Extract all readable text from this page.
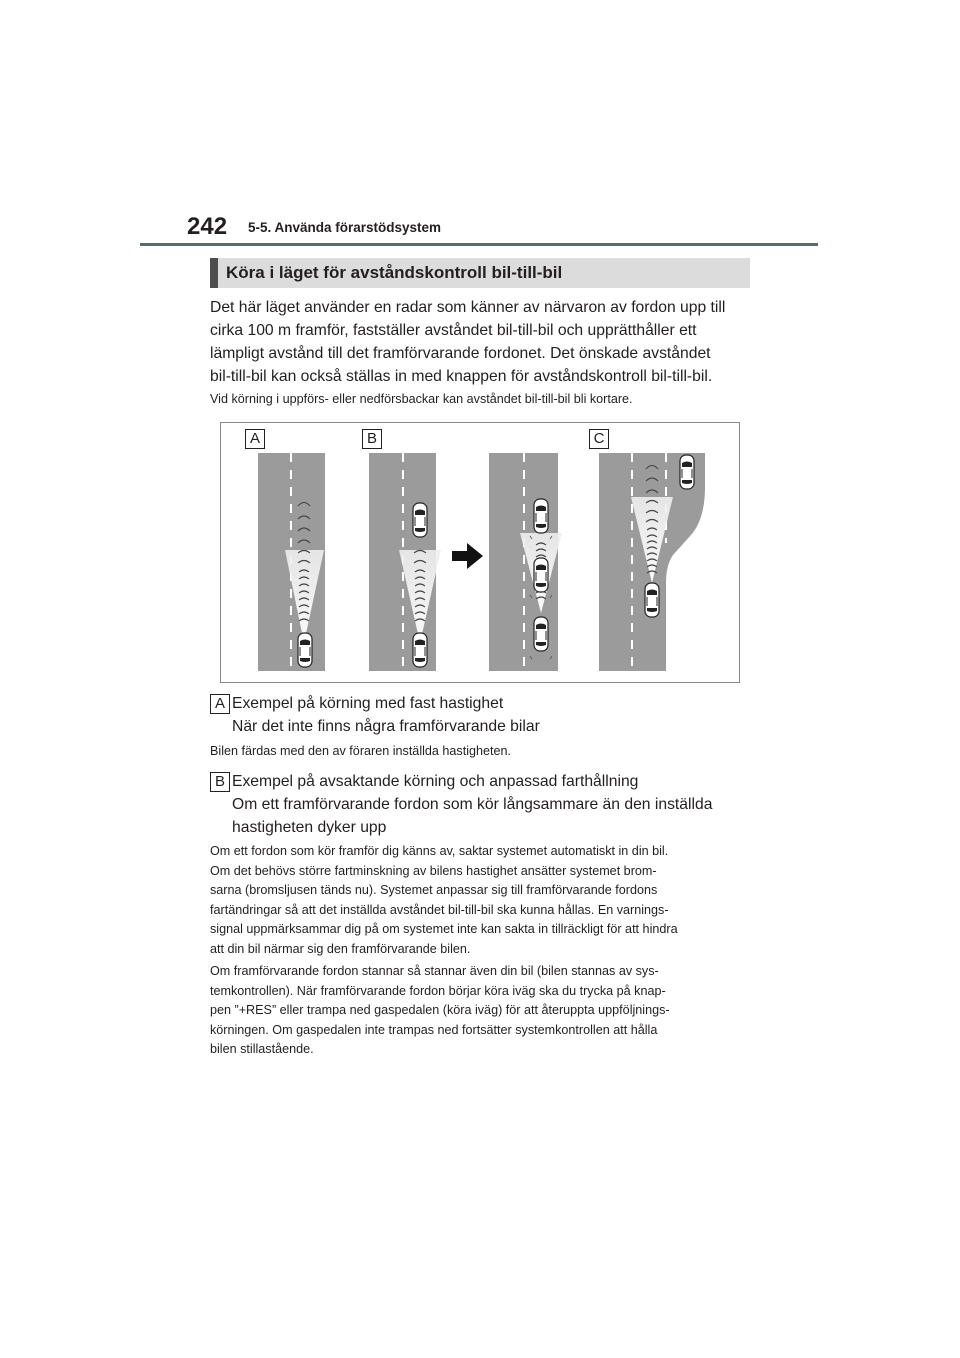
242 5-5. Använda förarstödsystem
Köra i läget för avståndskontroll bil-till-bil
Det här läget använder en radar som känner av närvaron av fordon upp till
cirka 100 m framför, fastställer avståndet bil-till-bil och upprätthåller ett
lämpligt avstånd till det framförvarande fordonet. Det önskade avståndet
bil-till-bil kan också ställas in med knappen för avståndskontroll bil-till-bil.
Vid körning i uppförs- eller nedförsbackar kan avståndet bil-till-bil bli kortare.
A	B	C
A Exempel på körning med fast hastighet
När det inte finns några framförvarande bilar
Bilen färdas med den av föraren inställda hastigheten.
B Exempel på avsaktande körning och anpassad farthållning
Om ett framförvarande fordon som kör långsammare än den inställda
hastigheten dyker upp
Om ett fordon som kör framför dig känns av, saktar systemet automatiskt in din bil.
Om det behövs större fartminskning av bilens hastighet ansätter systemet brom-
sarna (bromsljusen tänds nu). Systemet anpassar sig till framförvarande fordons
fartändringar så att det inställda avståndet bil-till-bil ska kunna hållas. En varnings-
signal uppmärksammar dig på om systemet inte kan sakta in tillräckligt för att hindra
att din bil närmar sig den framförvarande bilen.
Om framförvarande fordon stannar så stannar även din bil (bilen stannas av sys-
temkontrollen). När framförvarande fordon börjar köra iväg ska du trycka på knap-
pen ”+RES” eller trampa ned gaspedalen (köra iväg) för att återuppta uppföljnings-
körningen. Om gaspedalen inte trampas ned fortsätter systemkontrollen att hålla
bilen stillastående.
